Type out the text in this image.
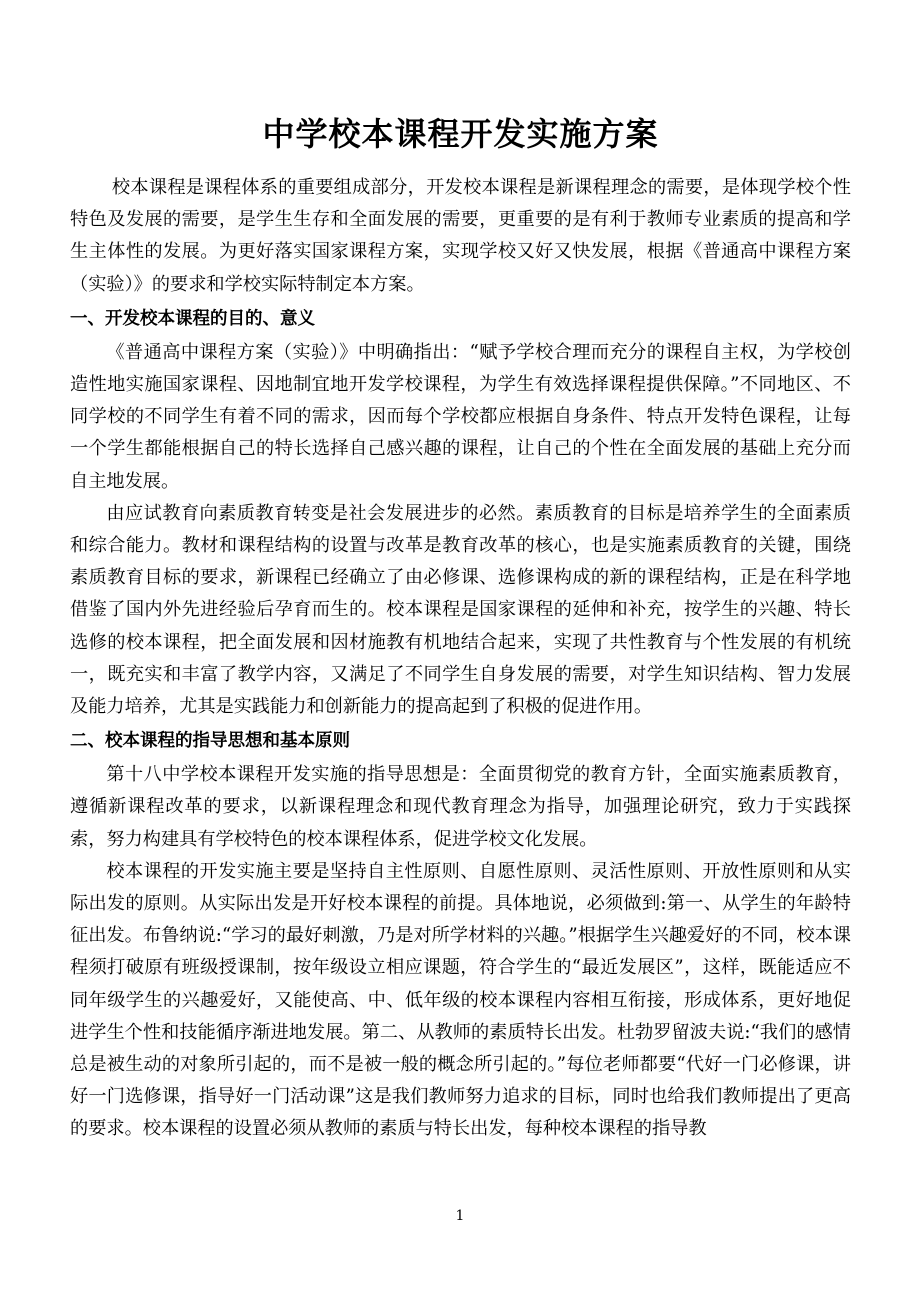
中学校本课程开发实施方案

校本课程是课程体系的重要组成部分，开发校本课程是新课程理念的需要，是体现学校个性特色及发展的需要，是学生生存和全面发展的需要，更重要的是有利于教师专业素质的提高和学生主体性的发展。为更好落实国家课程方案，实现学校又好又快发展，根据《普通高中课程方案（实验）》的要求和学校实际特制定本方案。

一、开发校本课程的目的、意义

《普通高中课程方案（实验）》中明确指出：“赋予学校合理而充分的课程自主权，为学校创造性地实施国家课程、因地制宜地开发学校课程，为学生有效选择课程提供保障。”不同地区、不同学校的不同学生有着不同的需求，因而每个学校都应根据自身条件、特点开发特色课程，让每一个学生都能根据自己的特长选择自己感兴趣的课程，让自己的个性在全面发展的基础上充分而自主地发展。

由应试教育向素质教育转变是社会发展进步的必然。素质教育的目标是培养学生的全面素质和综合能力。教材和课程结构的设置与改革是教育改革的核心，也是实施素质教育的关键，围绕素质教育目标的要求，新课程已经确立了由必修课、选修课构成的新的课程结构，正是在科学地借鉴了国内外先进经验后孕育而生的。校本课程是国家课程的延伸和补充，按学生的兴趣、特长选修的校本课程，把全面发展和因材施教有机地结合起来，实现了共性教育与个性发展的有机统一，既充实和丰富了教学内容，又满足了不同学生自身发展的需要，对学生知识结构、智力发展及能力培养，尤其是实践能力和创新能力的提高起到了积极的促进作用。

二、校本课程的指导思想和基本原则

第十八中学校本课程开发实施的指导思想是：全面贯彻党的教育方针，全面实施素质教育，遵循新课程改革的要求，以新课程理念和现代教育理念为指导，加强理论研究，致力于实践探索，努力构建具有学校特色的校本课程体系，促进学校文化发展。

校本课程的开发实施主要是坚持自主性原则、自愿性原则、灵活性原则、开放性原则和从实际出发的原则。从实际出发是开好校本课程的前提。具体地说，必须做到:第一、从学生的年龄特征出发。布鲁纳说:“学习的最好刺激，乃是对所学材料的兴趣。”根据学生兴趣爱好的不同，校本课程须打破原有班级授课制，按年级设立相应课题，符合学生的“最近发展区”，这样，既能适应不同年级学生的兴趣爱好，又能使高、中、低年级的校本课程内容相互衔接，形成体系，更好地促进学生个性和技能循序渐进地发展。第二、从教师的素质特长出发。杜勃罗留波夫说:“我们的感情总是被生动的对象所引起的，而不是被一般的概念所引起的。”每位老师都要“代好一门必修课，讲好一门选修课，指导好一门活动课”这是我们教师努力追求的目标，同时也给我们教师提出了更高的要求。校本课程的设置必须从教师的素质与特长出发，每种校本课程的指导教

1
